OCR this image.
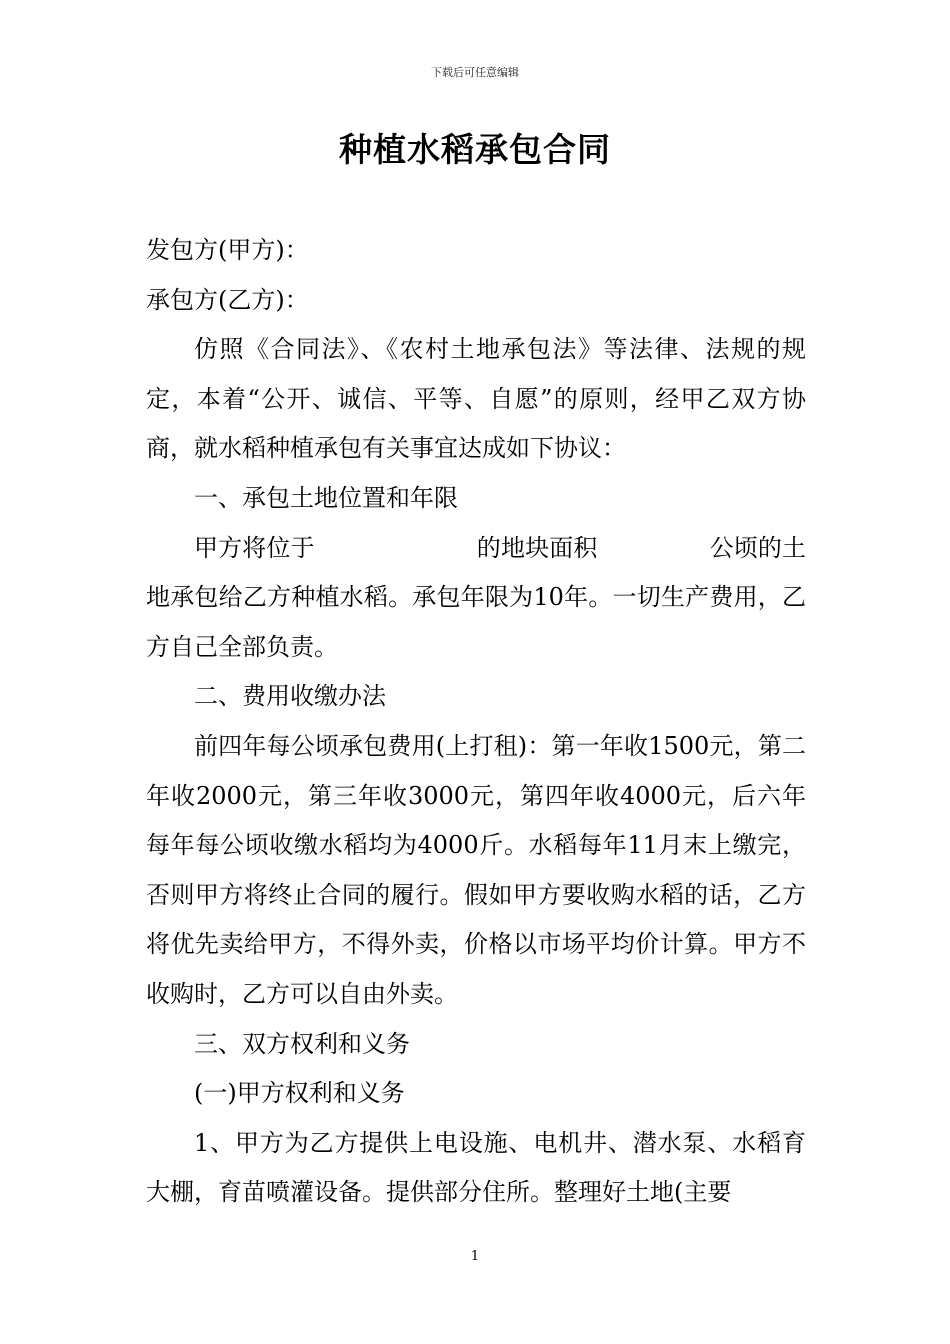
下载后可任意编辑
种植水稻承包合同

发包方(甲方)：

承包方(乙方)：

仿照《合同法》、《农村土地承包法》等法律、法规的规定，本着“公开、诚信、平等、自愿”的原则，经甲乙双方协商，就水稻种植承包有关事宜达成如下协议：

一、承包土地位置和年限

甲方将位于	的地块面积	公顷的土地承包给乙方种植水稻。承包年限为10年。一切生产费用，乙方自己全部负责。

二、费用收缴办法

前四年每公顷承包费用(上打租)：第一年收1500元，第二年收2000元，第三年收3000元，第四年收4000元，后六年每年每公顷收缴水稻均为4000斤。水稻每年11月末上缴完，否则甲方将终止合同的履行。假如甲方要收购水稻的话，乙方将优先卖给甲方，不得外卖，价格以市场平均价计算。甲方不收购时，乙方可以自由外卖。

三、双方权利和义务

(一)甲方权利和义务

1、甲方为乙方提供上电设施、电机井、潜水泵、水稻育大棚，育苗喷灌设备。提供部分住所。整理好土地(主要

1
